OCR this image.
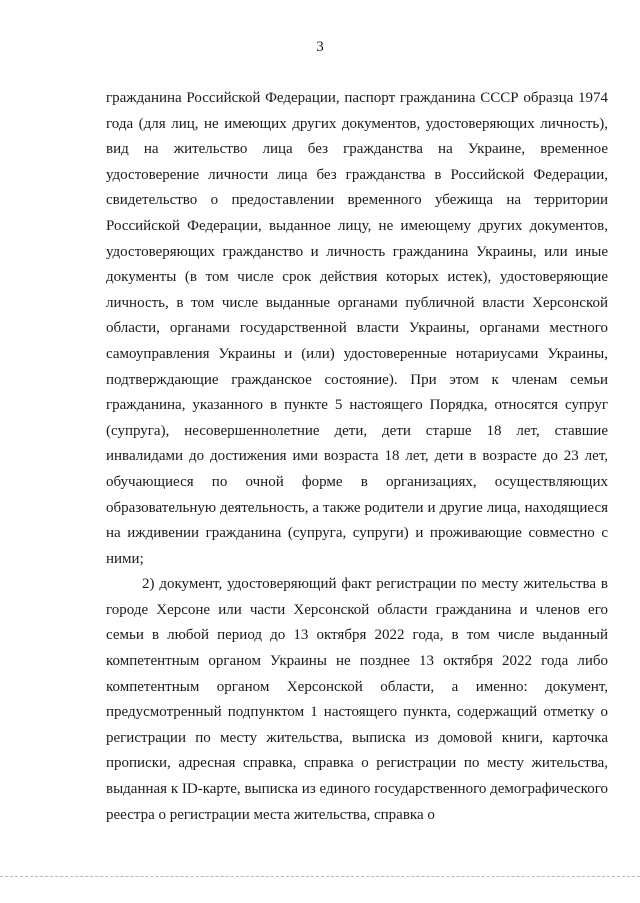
3

гражданина Российской Федерации, паспорт гражданина СССР образца 1974 года (для лиц, не имеющих других документов, удостоверяющих личность), вид на жительство лица без гражданства на Украине, временное удостоверение личности лица без гражданства в Российской Федерации, свидетельство о предоставлении временного убежища на территории Российской Федерации, выданное лицу, не имеющему других документов, удостоверяющих гражданство и личность гражданина Украины, или иные документы (в том числе срок действия которых истек), удостоверяющие личность, в том числе выданные органами публичной власти Херсонской области, органами государственной власти Украины, органами местного самоуправления Украины и (или) удостоверенные нотариусами Украины, подтверждающие гражданское состояние). При этом к членам семьи гражданина, указанного в пункте 5 настоящего Порядка, относятся супруг (супруга), несовершеннолетние дети, дети старше 18 лет, ставшие инвалидами до достижения ими возраста 18 лет, дети в возрасте до 23 лет, обучающиеся по очной форме в организациях, осуществляющих образовательную деятельность, а также родители и другие лица, находящиеся на иждивении гражданина (супруга, супруги) и проживающие совместно с ними;

2) документ, удостоверяющий факт регистрации по месту жительства в городе Херсоне или части Херсонской области гражданина и членов его семьи в любой период до 13 октября 2022 года, в том числе выданный компетентным органом Украины не позднее 13 октября 2022 года либо компетентным органом Херсонской области, а именно: документ, предусмотренный подпунктом 1 настоящего пункта, содержащий отметку о регистрации по месту жительства, выписка из домовой книги, карточка прописки, адресная справка, справка о регистрации по месту жительства, выданная к ID-карте, выписка из единого государственного демографического реестра о регистрации места жительства, справка о
